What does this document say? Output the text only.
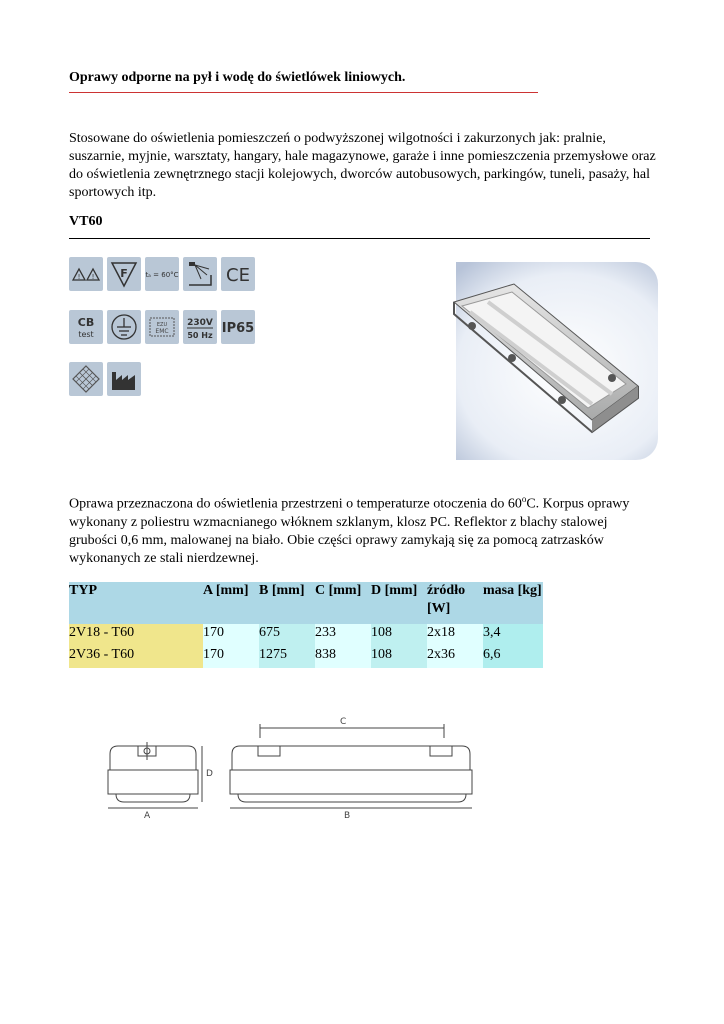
Oprawy odporne na pył i wodę do świetlówek liniowych.
Stosowane do oświetlenia pomieszczeń o podwyższonej wilgotności i zakurzonych jak: pralnie, suszarnie, myjnie, warsztaty, hangary, hale magazynowe, garaże i inne pomieszczenia przemysłowe oraz do oświetlenia zewnętrznego stacji kolejowych, dworców autobusowych, parkingów, tuneli, pasaży, hal sportowych itp.
VT60
! ! F	tₐ = 60°C	CE
CB
test
EZU
EMC
230V
50 Hz IP65
Oprawa przeznaczona do oświetlenia przestrzeni o temperaturze otoczenia do 60$^o$C. Korpus oprawy wykonany z poliestru wzmacnianego włóknem szklanym, klosz PC. Reflektor z blachy stalowej grubości 0,6 mm, malowanej na biało. Obie części oprawy zamykają się za pomocą zatrzasków wykonanych ze stali nierdzewnej.
TYP	A [mm]	B [mm]	C [mm]	D [mm]	źródło [W]	masa [kg]
2V18 - T60	170	675	233	108	2x18	3,4
2V36 - T60	170	1275	838	108	2x36	6,6
A
D
C
B
